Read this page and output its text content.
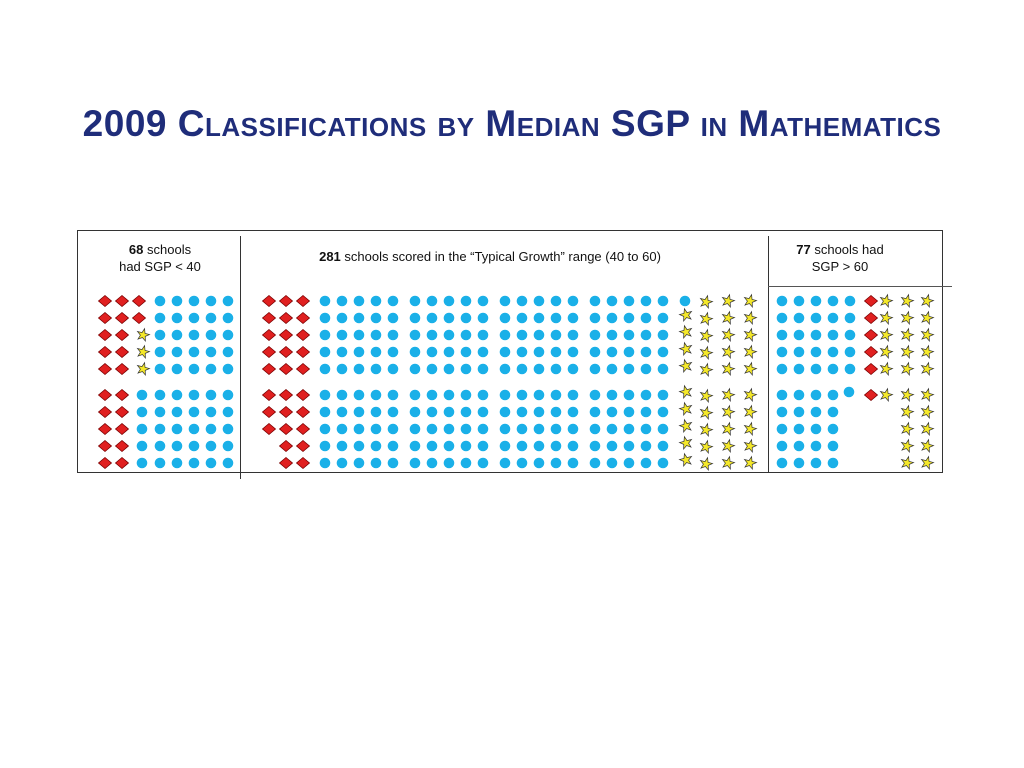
2009 Classifications by Median SGP in Mathematics
68 schools
had SGP < 40
281 schools scored in the “Typical Growth” range (40 to 60)	77 schools had
SGP > 60
